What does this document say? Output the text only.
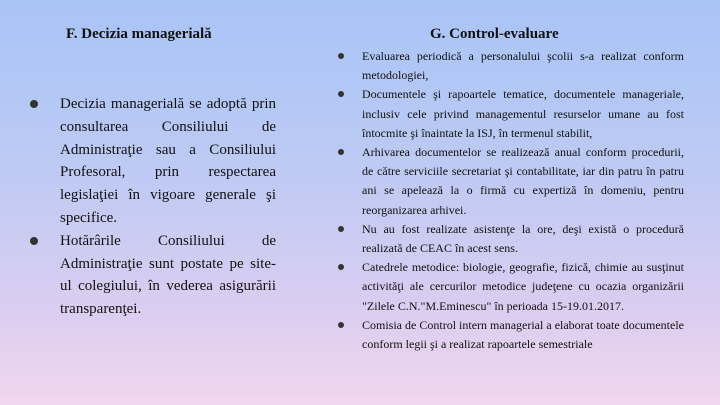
F. Decizia managerială	G. Control-evaluare
Decizia managerială se adoptă prin consultarea Consiliului de Administraţie sau a Consiliului Profesoral, prin respectarea legislaţiei în vigoare generale şi specifice.
Hotărârile Consiliului de Administraţie sunt postate pe site-ul colegiului, în vederea asigurării transparenţei.
Evaluarea periodică a personalului şcolii s-a realizat conform metodologiei,
Documentele şi rapoartele tematice, documentele manageriale, inclusiv cele privind managementul resurselor umane au fost întocmite şi înaintate la ISJ, în termenul stabilit,
Arhivarea documentelor se realizează anual conform procedurii, de către serviciile secretariat şi contabilitate, iar din patru în patru ani se apelează la o firmă cu expertiză în domeniu, pentru reorganizarea arhivei.
Nu au fost realizate asistenţe la ore, deşi există o procedură realizată de CEAC în acest sens.
Catedrele metodice: biologie, geografie, fizică, chimie au susţinut activităţi ale cercurilor metodice judeţene cu ocazia organizării "Zilele C.N."M.Eminescu" în perioada 15-19.01.2017.
Comisia de Control intern managerial a elaborat toate documentele conform legii şi a realizat rapoartele semestriale
